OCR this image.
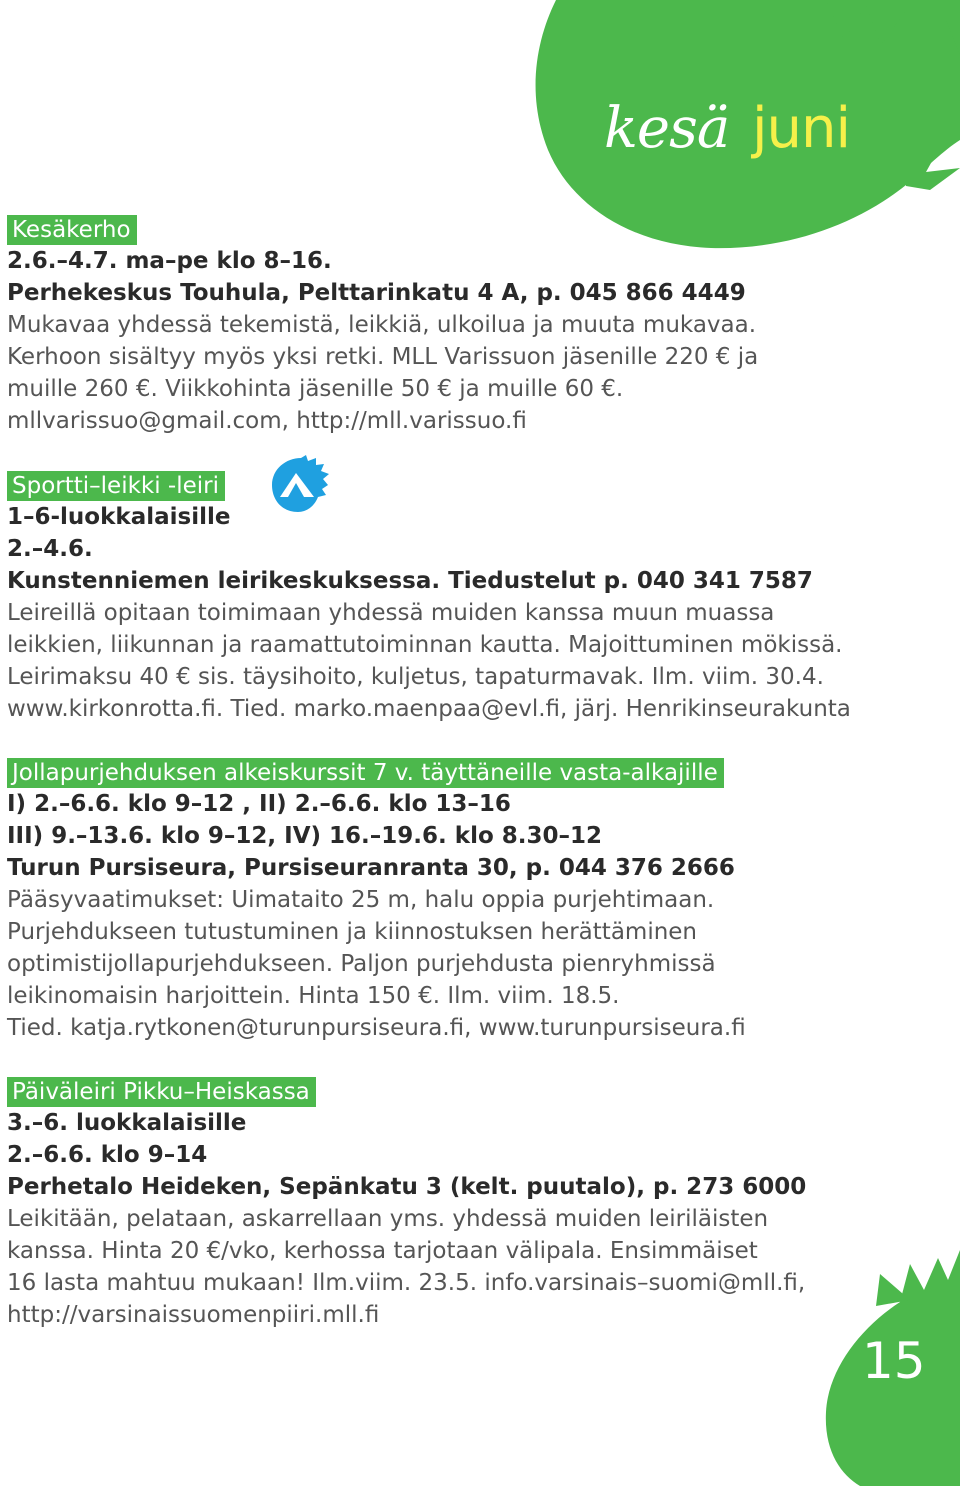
kesä juni
Kesäkerho
2.6.–4.7. ma–pe klo 8–16.
Perhekeskus Touhula, Pelttarinkatu 4 A, p. 045 866 4449
Mukavaa yhdessä tekemistä, leikkiä, ulkoilua ja muuta mukavaa.
Kerhoon sisältyy myös yksi retki. MLL Varissuon jäsenille 220 € ja
muille 260 €. Viikkohinta jäsenille 50 € ja muille 60 €.
mllvarissuo@gmail.com, http://mll.varissuo.fi
Sportti–leikki -leiri
1–6-luokkalaisille
2.–4.6.
Kunstenniemen leirikeskuksessa. Tiedustelut p. 040 341 7587
Leireillä opitaan toimimaan yhdessä muiden kanssa muun muassa
leikkien, liikunnan ja raamattutoiminnan kautta. Majoittuminen mökissä.
Leirimaksu 40 € sis. täysihoito, kuljetus, tapaturmavak. Ilm. viim. 30.4.
www.kirkonrotta.fi. Tied. marko.maenpaa@evl.fi, järj. Henrikinseurakunta
Jollapurjehduksen alkeiskurssit 7 v. täyttäneille vasta-alkajille
I) 2.–6.6. klo 9–12 , II) 2.–6.6. klo 13–16
III) 9.–13.6. klo 9–12, IV) 16.–19.6. klo 8.30–12
Turun Pursiseura, Pursiseuranranta 30, p. 044 376 2666
Pääsyvaatimukset: Uimataito 25 m, halu oppia purjehtimaan.
Purjehdukseen tutustuminen ja kiinnostuksen herättäminen
optimistijollapurjehdukseen. Paljon purjehdusta pienryhmissä
leikinomaisin harjoittein. Hinta 150 €. Ilm. viim. 18.5.
Tied. katja.rytkonen@turunpursiseura.fi, www.turunpursiseura.fi
Päiväleiri Pikku–Heiskassa
3.–6. luokkalaisille
2.–6.6. klo 9–14
Perhetalo Heideken, Sepänkatu 3 (kelt. puutalo), p. 273 6000
Leikitään, pelataan, askarrellaan yms. yhdessä muiden leiriläisten
kanssa. Hinta 20 €/vko, kerhossa tarjotaan välipala. Ensimmäiset
16 lasta mahtuu mukaan! Ilm.viim. 23.5. info.varsinais–suomi@mll.fi,
http://varsinaissuomenpiiri.mll.fi
15
